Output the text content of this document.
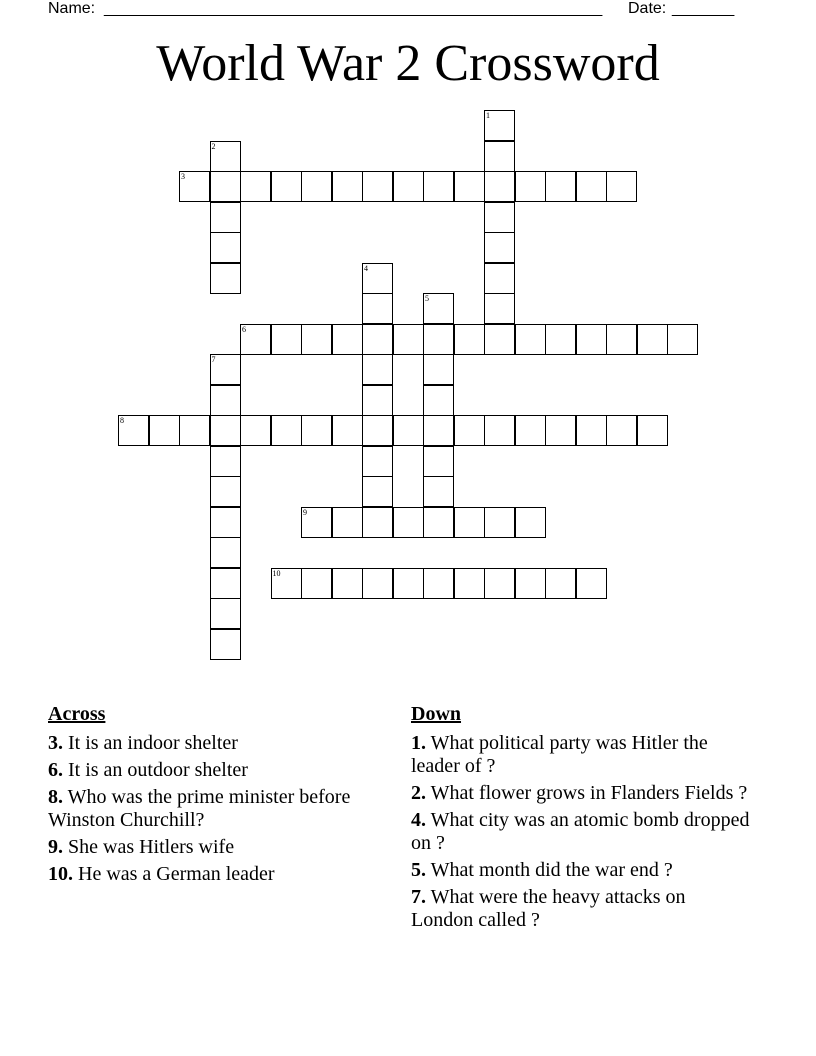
Name: ________________________________________________________ Date: _______
World War 2 Crossword
1
2
3
4
5
6
7
8
9
10
Across
3. It is an indoor shelter
6. It is an outdoor shelter
8. Who was the prime minister before Winston Churchill?
9. She was Hitlers wife
10. He was a German leader
Down
1. What political party was Hitler the leader of ?
2. What flower grows in Flanders Fields ?
4. What city was an atomic bomb dropped on ?
5. What month did the war end ?
7. What were the heavy attacks on London called ?
